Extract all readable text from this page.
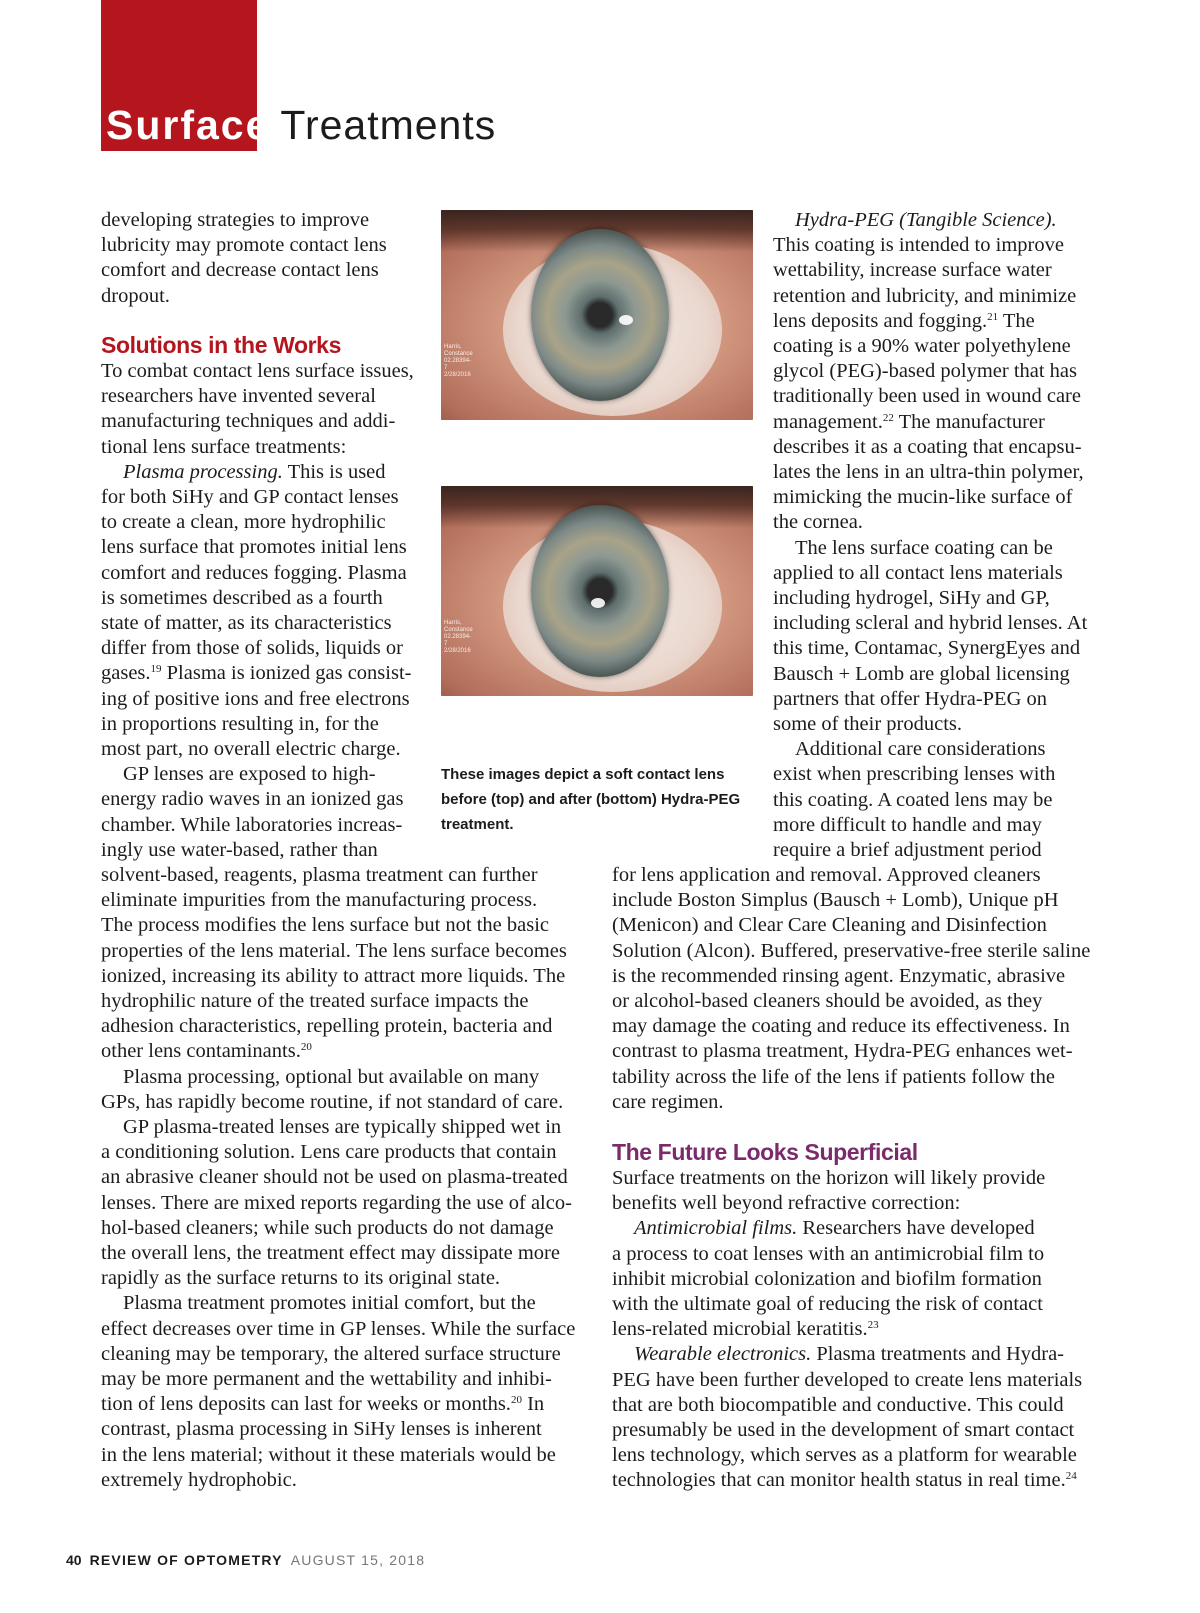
Surface Treatments

developing strategies to improve
lubricity may promote contact lens
comfort and decrease contact lens
dropout.

Solutions in the Works

To combat contact lens surface issues,
researchers have invented several
manufacturing techniques and addi-
tional lens surface treatments:
Plasma processing. This is used
for both SiHy and GP contact lenses
to create a clean, more hydrophilic
lens surface that promotes initial lens
comfort and reduces fogging. Plasma
is sometimes described as a fourth
state of matter, as its characteristics
differ from those of solids, liquids or
gases.$^{19}$ Plasma is ionized gas consist-
ing of positive ions and free electrons
in proportions resulting in, for the
most part, no overall electric charge.
GP lenses are exposed to high-
energy radio waves in an ionized gas
chamber. While laboratories increas-
ingly use water-based, rather than

solvent-based, reagents, plasma treatment can further
eliminate impurities from the manufacturing process.
The process modifies the lens surface but not the basic
properties of the lens material. The lens surface becomes
ionized, increasing its ability to attract more liquids. The
hydrophilic nature of the treated surface impacts the
adhesion characteristics, repelling protein, bacteria and
other lens contaminants.$^{20}$
Plasma processing, optional but available on many
GPs, has rapidly become routine, if not standard of care.
GP plasma-treated lenses are typically shipped wet in
a conditioning solution. Lens care products that contain
an abrasive cleaner should not be used on plasma-treated
lenses. There are mixed reports regarding the use of alco-
hol-based cleaners; while such products do not damage
the overall lens, the treatment effect may dissipate more
rapidly as the surface returns to its original state.
Plasma treatment promotes initial comfort, but the
effect decreases over time in GP lenses. While the surface
cleaning may be temporary, the altered surface structure
may be more permanent and the wettability and inhibi-
tion of lens deposits can last for weeks or months.$^{20}$ In
contrast, plasma processing in SiHy lenses is inherent
in the lens material; without it these materials would be
extremely hydrophobic.

Harris, Constance 02.28394-7 2/28/2016
Harris, Constance 02.28394-7 2/28/2016

These images depict a soft contact lens before (top) and after (bottom) Hydra-PEG treatment.

Hydra-PEG (Tangible Science).
This coating is intended to improve
wettability, increase surface water
retention and lubricity, and minimize
lens deposits and fogging.$^{21}$ The
coating is a 90% water polyethylene
glycol (PEG)-based polymer that has
traditionally been used in wound care
management.$^{22}$ The manufacturer
describes it as a coating that encapsu-
lates the lens in an ultra-thin polymer,
mimicking the mucin-like surface of
the cornea.
The lens surface coating can be
applied to all contact lens materials
including hydrogel, SiHy and GP,
including scleral and hybrid lenses. At
this time, Contamac, SynergEyes and
Bausch + Lomb are global licensing
partners that offer Hydra-PEG on
some of their products.
Additional care considerations
exist when prescribing lenses with
this coating. A coated lens may be
more difficult to handle and may
require a brief adjustment period

for lens application and removal. Approved cleaners
include Boston Simplus (Bausch + Lomb), Unique pH
(Menicon) and Clear Care Cleaning and Disinfection
Solution (Alcon). Buffered, preservative-free sterile saline
is the recommended rinsing agent. Enzymatic, abrasive
or alcohol-based cleaners should be avoided, as they
may damage the coating and reduce its effectiveness. In
contrast to plasma treatment, Hydra-PEG enhances wet-
tability across the life of the lens if patients follow the
care regimen.

The Future Looks Superficial

Surface treatments on the horizon will likely provide
benefits well beyond refractive correction:
Antimicrobial films. Researchers have developed
a process to coat lenses with an antimicrobial film to
inhibit microbial colonization and biofilm formation
with the ultimate goal of reducing the risk of contact
lens-related microbial keratitis.$^{23}$
Wearable electronics. Plasma treatments and Hydra-
PEG have been further developed to create lens materials
that are both biocompatible and conductive. This could
presumably be used in the development of smart contact
lens technology, which serves as a platform for wearable
technologies that can monitor health status in real time.$^{24}$

40 REVIEW OF OPTOMETRY AUGUST 15, 2018
